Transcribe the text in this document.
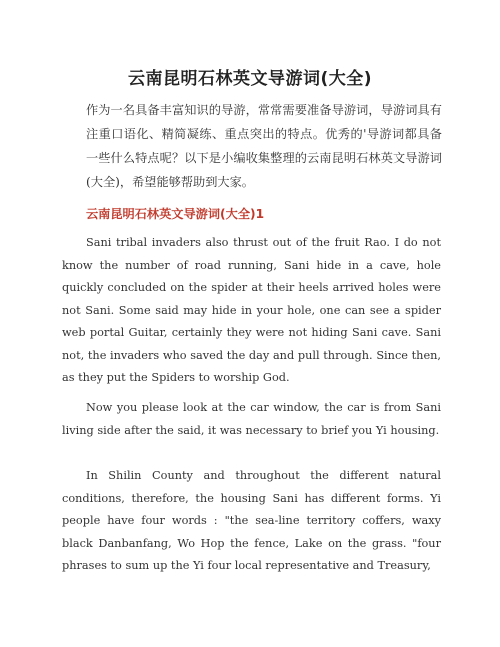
云南昆明石林英文导游词(大全)
作为一名具备丰富知识的导游，常常需要准备导游词，导游词具有注重口语化、精简凝练、重点突出的特点。优秀的'导游词都具备一些什么特点呢？以下是小编收集整理的云南昆明石林英文导游词(大全)，希望能够帮助到大家。
云南昆明石林英文导游词(大全)1

Sani tribal invaders also thrust out of the fruit Rao. I do not know the number of road running, Sani hide in a cave, hole quickly concluded on the spider at their heels arrived holes were not Sani. Some said may hide in your hole, one can see a spider web portal Guitar, certainly they were not hiding Sani cave. Sani not, the invaders who saved the day and pull through. Since then, as they put the Spiders to worship God.

Now you please look at the car window, the car is from Sani living side after the said, it was necessary to brief you Yi housing.

In Shilin County and throughout the different natural conditions, therefore, the housing Sani has different forms. Yi people have four words : "the sea-line territory coffers, waxy black Danbanfang, Wo Hop the fence, Lake on the grass. "four phrases to sum up the Yi four local representative and Treasury,
